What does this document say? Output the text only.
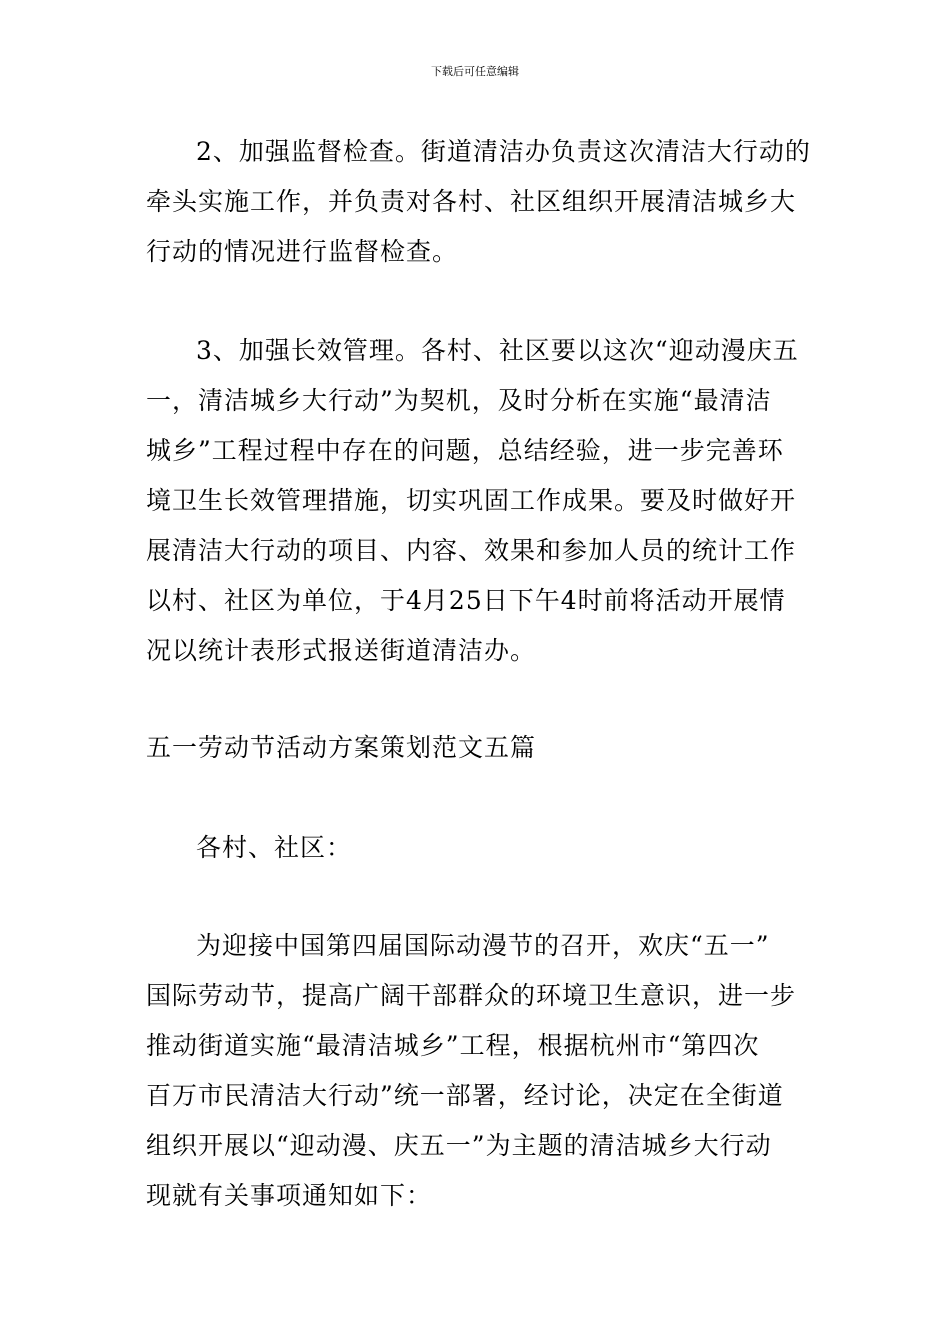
下载后可任意编辑
2、加强监督检查。街道清洁办负责这次清洁大行动的
牵头实施工作，并负责对各村、社区组织开展清洁城乡大
行动的情况进行监督检查。
3、加强长效管理。各村、社区要以这次“迎动漫庆五
一，清洁城乡大行动”为契机，及时分析在实施“最清洁
城乡”工程过程中存在的问题，总结经验，进一步完善环
境卫生长效管理措施，切实巩固工作成果。要及时做好开
展清洁大行动的项目、内容、效果和参加人员的统计工作
以村、社区为单位，于4月25日下午4时前将活动开展情
况以统计表形式报送街道清洁办。
五一劳动节活动方案策划范文五篇
各村、社区：
为迎接中国第四届国际动漫节的召开，欢庆“五一”
国际劳动节，提高广阔干部群众的环境卫生意识，进一步
推动街道实施“最清洁城乡”工程，根据杭州市“第四次
百万市民清洁大行动”统一部署，经讨论，决定在全街道
组织开展以“迎动漫、庆五一”为主题的清洁城乡大行动
现就有关事项通知如下：
